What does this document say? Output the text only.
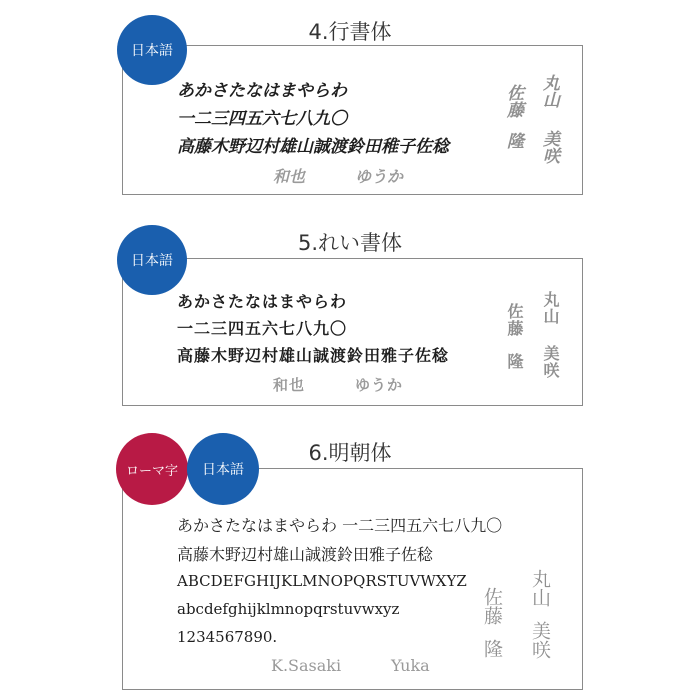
4.行書体
あかさたなはまやらわ
一二三四五六七八九〇
高藤木野辺村雄山誠渡鈴田稚子佐稔
和也	ゆうか
佐藤
隆
丸山
美咲
日本語
5.れい書体
あかさたなはまやらわ
一二三四五六七八九〇
高藤木野辺村雄山誠渡鈴田雅子佐稔
和也	ゆうか
佐藤
隆
丸山
美咲
日本語
6.明朝体
あかさたなはまやらわ 一二三四五六七八九〇
高藤木野辺村雄山誠渡鈴田雅子佐稔
ABCDEFGHIJKLMNOPQRSTUVWXYZ
abcdefghijklmnopqrstuvwxyz
1234567890.
K.Sasaki	Yuka
佐藤
隆
丸山
美咲
ローマ字	日本語
